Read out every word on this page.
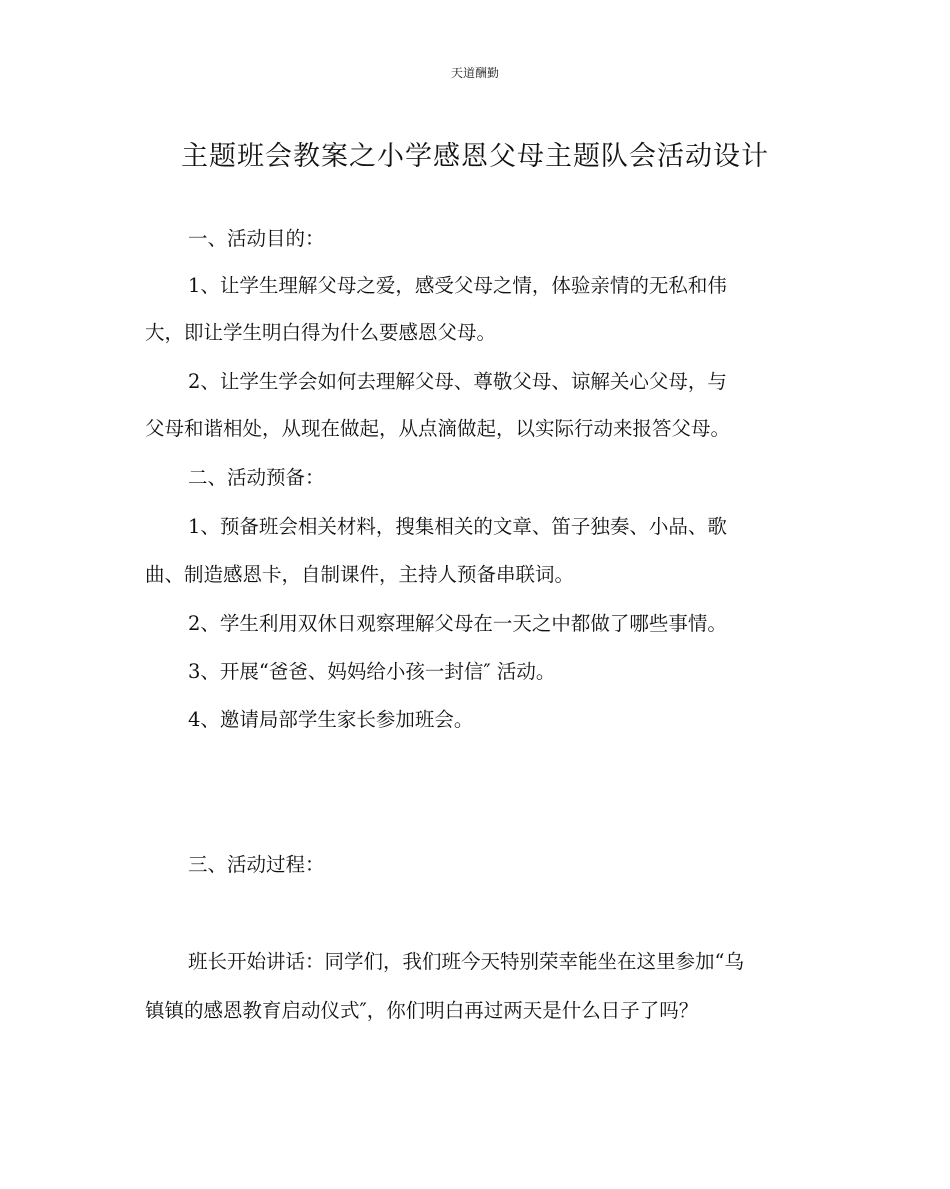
天道酬勤
主题班会教案之小学感恩父母主题队会活动设计
一、活动目的：
1、让学生理解父母之爱，感受父母之情，体验亲情的无私和伟
大，即让学生明白得为什么要感恩父母。
2、让学生学会如何去理解父母、尊敬父母、谅解关心父母，与
父母和谐相处，从现在做起，从点滴做起，以实际行动来报答父母。
二、活动预备：
1、预备班会相关材料，搜集相关的文章、笛子独奏、小品、歌
曲、制造感恩卡，自制课件，主持人预备串联词。
2、学生利用双休日观察理解父母在一天之中都做了哪些事情。
3、开展“爸爸、妈妈给小孩一封信″ 活动。
4、邀请局部学生家长参加班会。
三、活动过程：
班长开始讲话：同学们，我们班今天特别荣幸能坐在这里参加“乌
镇镇的感恩教育启动仪式″，你们明白再过两天是什么日子了吗？
